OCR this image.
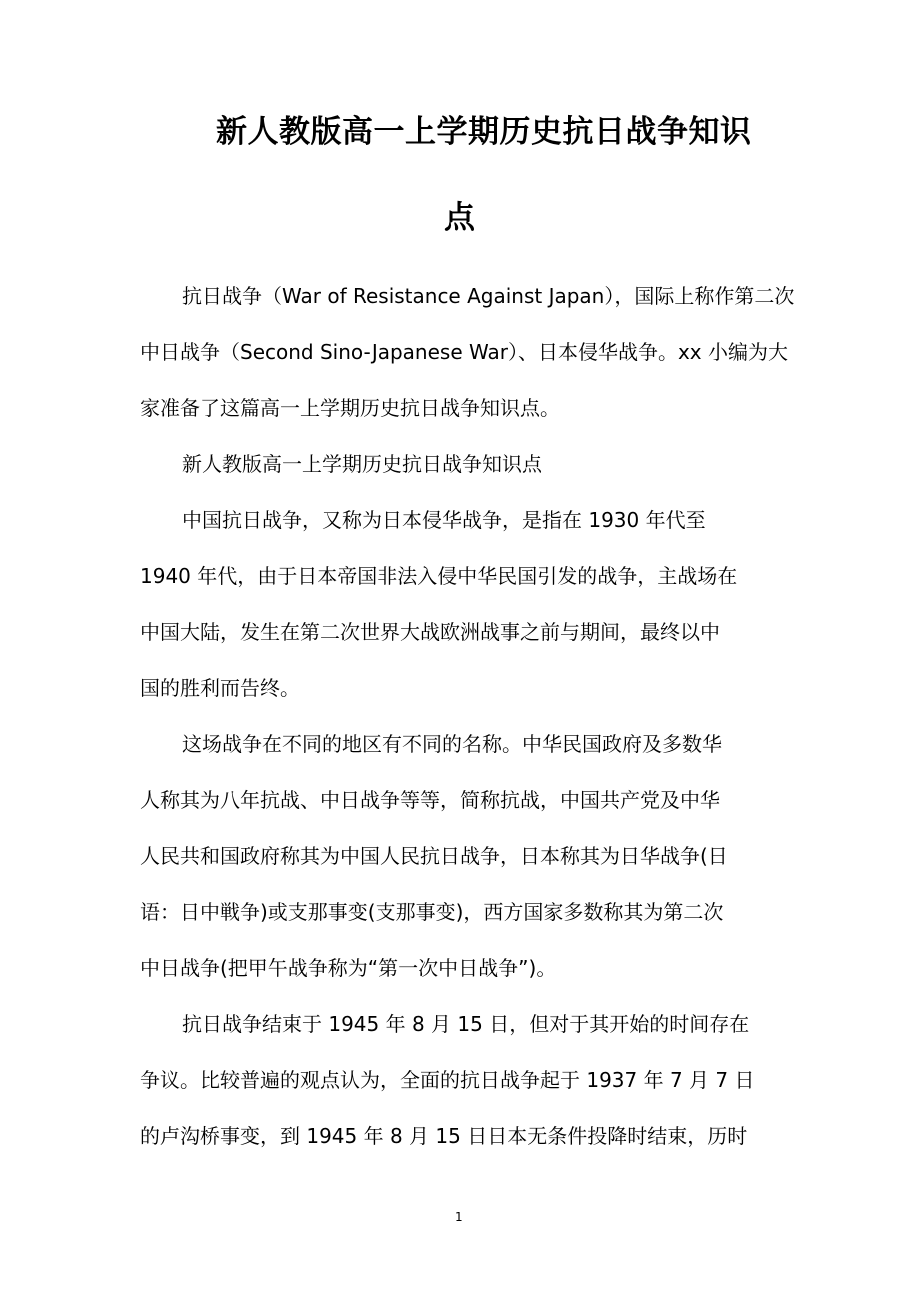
新人教版高一上学期历史抗日战争知识
点
抗日战争（War of Resistance Against Japan），国际上称作第二次
中日战争（Second Sino-Japanese War）、日本侵华战争。xx 小编为大
家准备了这篇高一上学期历史抗日战争知识点。
新人教版高一上学期历史抗日战争知识点
中国抗日战争，又称为日本侵华战争，是指在 1930 年代至
1940 年代，由于日本帝国非法入侵中华民国引发的战争，主战场在
中国大陆，发生在第二次世界大战欧洲战事之前与期间，最终以中
国的胜利而告终。
这场战争在不同的地区有不同的名称。中华民国政府及多数华
人称其为八年抗战、中日战争等等，简称抗战，中国共产党及中华
人民共和国政府称其为中国人民抗日战争，日本称其为日华战争(日
语：日中戦争)或支那事变(支那事变)，西方国家多数称其为第二次
中日战争(把甲午战争称为“第一次中日战争”)。
抗日战争结束于 1945 年 8 月 15 日，但对于其开始的时间存在
争议。比较普遍的观点认为，全面的抗日战争起于 1937 年 7 月 7 日
的卢沟桥事变，到 1945 年 8 月 15 日日本无条件投降时结束，历时
1
